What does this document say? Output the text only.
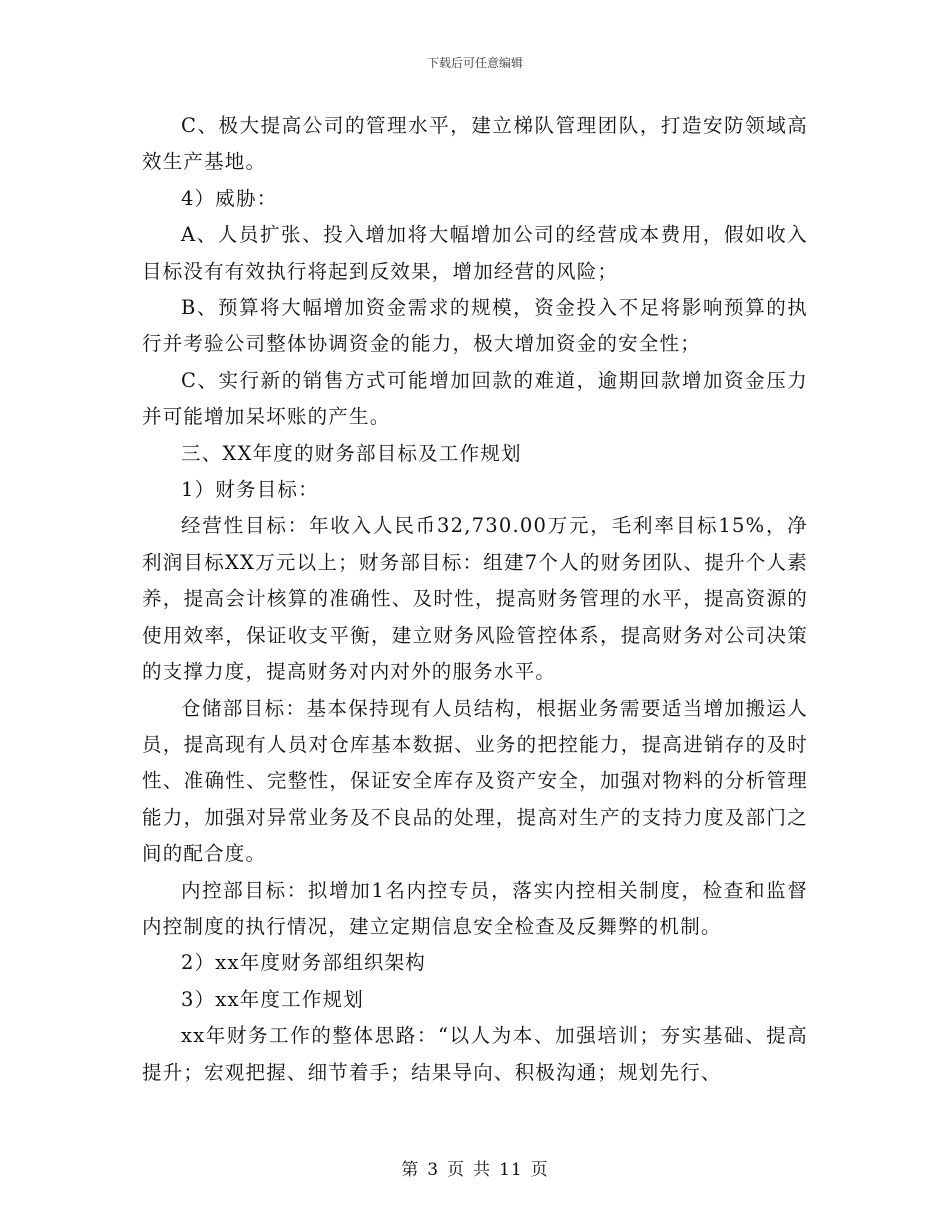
下载后可任意编辑

C、极大提高公司的管理水平，建立梯队管理团队，打造安防领域高效生产基地。

4）威胁：

A、人员扩张、投入增加将大幅增加公司的经营成本费用，假如收入目标没有有效执行将起到反效果，增加经营的风险；

B、预算将大幅增加资金需求的规模，资金投入不足将影响预算的执行并考验公司整体协调资金的能力，极大增加资金的安全性；

C、实行新的销售方式可能增加回款的难道，逾期回款增加资金压力并可能增加呆坏账的产生。

三、XX年度的财务部目标及工作规划

1）财务目标：

经营性目标：年收入人民币32,730.00万元，毛利率目标15%，净利润目标XX万元以上；财务部目标：组建7个人的财务团队、提升个人素养，提高会计核算的准确性、及时性，提高财务管理的水平，提高资源的使用效率，保证收支平衡，建立财务风险管控体系，提高财务对公司决策的支撑力度，提高财务对内对外的服务水平。

仓储部目标：基本保持现有人员结构，根据业务需要适当增加搬运人员，提高现有人员对仓库基本数据、业务的把控能力，提高进销存的及时性、准确性、完整性，保证安全库存及资产安全，加强对物料的分析管理能力，加强对异常业务及不良品的处理，提高对生产的支持力度及部门之间的配合度。

内控部目标：拟增加1名内控专员，落实内控相关制度，检查和监督内控制度的执行情况，建立定期信息安全检查及反舞弊的机制。

2）xx年度财务部组织架构

3）xx年度工作规划

xx年财务工作的整体思路：“以人为本、加强培训；夯实基础、提高提升；宏观把握、细节着手；结果导向、积极沟通；规划先行、

第 3 页 共 11 页
